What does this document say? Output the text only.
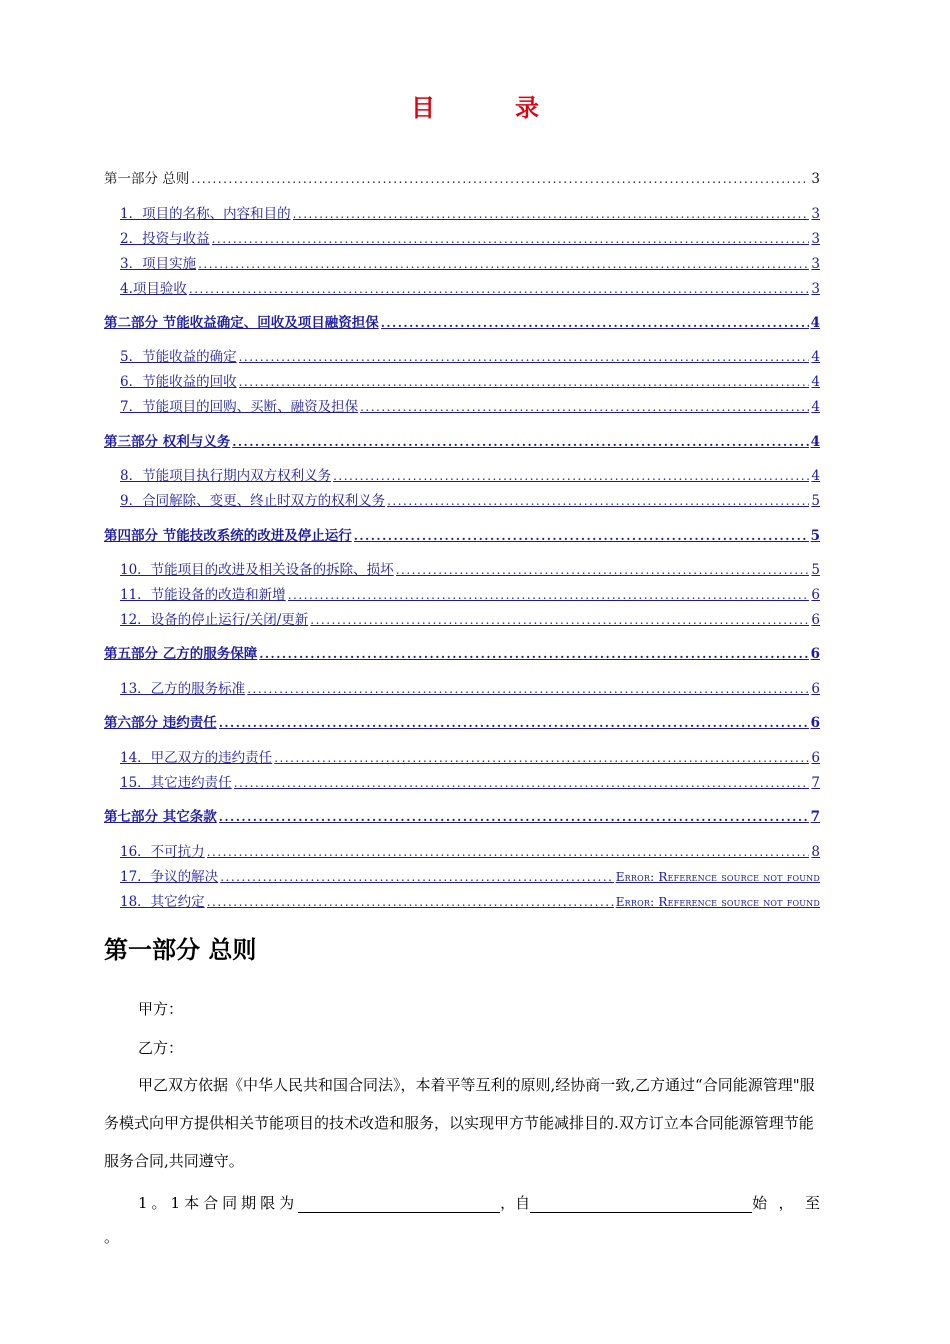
目　录
第一部分 总则 .....	3
1．项目的名称、内容和目的 .....	3
2．投资与收益 .....	3
3．项目实施 .....	3
4.项目验收 .....	3
第二部分 节能收益确定、回收及项目融资担保 .....	4
5．节能收益的确定 .....	4
6．节能收益的回收 .....	4
7．节能项目的回购、买断、融资及担保 .....	4
第三部分 权利与义务 .....	4
8．节能项目执行期内双方权利义务 .....	4
9．合同解除、变更、终止时双方的权利义务 .....	5
第四部分 节能技改系统的改进及停止运行 .....	5
10．节能项目的改进及相关设备的拆除、损坏 .....	5
11．节能设备的改造和新增 .....	6
12．设备的停止运行/关闭/更新 .....	6
第五部分 乙方的服务保障 .....	6
13．乙方的服务标准 .....	6
第六部分 违约责任 .....	6
14．甲乙双方的违约责任 .....	6
15．其它违约责任 .....	7
第七部分 其它条款 .....	7
16．不可抗力 .....	8
17．争议的解决 .....	Error: Reference source not found
18．其它约定 .....	Error: Reference source not found
第一部分 总则
甲方：
乙方：
甲乙双方依据《中华人民共和国合同法》，本着平等互利的原则,经协商一致,乙方通过“合同能源管理"服务模式向甲方提供相关节能项目的技术改造和服务，以实现甲方节能减排目的.双方订立本合同能源管理节能服务合同,共同遵守。
1。1本合同期限为	，自	始，至
。
